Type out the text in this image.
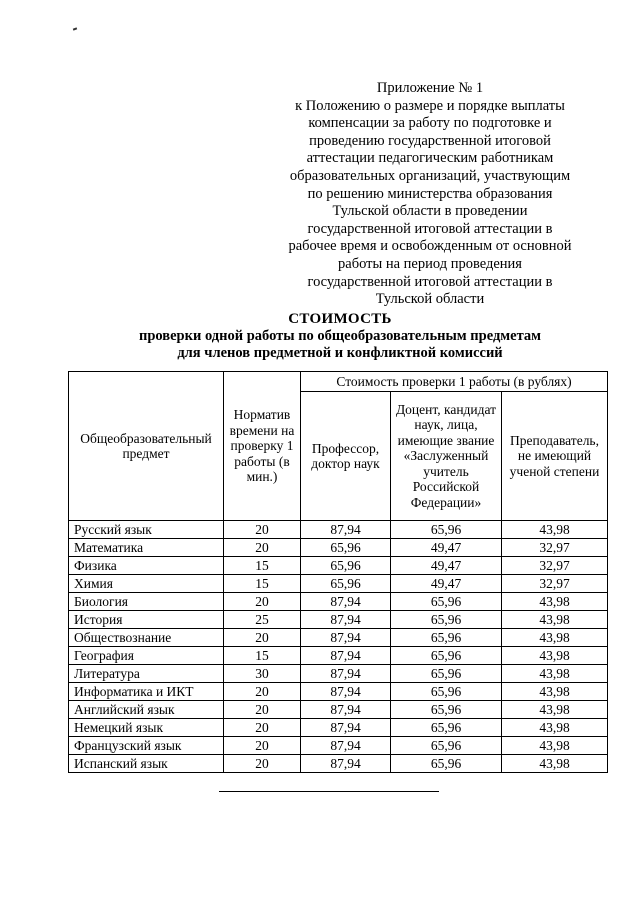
Приложение № 1
к Положению о размере и порядке выплаты
компенсации за работу по подготовке и
проведению государственной итоговой
аттестации педагогическим работникам
образовательных организаций, участвующим
по решению министерства образования
Тульской области в проведении
государственной итоговой аттестации в
рабочее время и освобожденным от основной
работы на период проведения
государственной итоговой аттестации в
Тульской области
СТОИМОСТЬ
проверки одной работы по общеобразовательным предметам
для членов предметной и конфликтной комиссий
Общеобразовательный предмет	Норматив времени на проверку 1 работы (в мин.)	Стоимость проверки 1 работы (в рублях)		

		Профессор, доктор наук	Доцент, кандидат наук, лица, имеющие звание «Заслуженный учитель Российской Федерации»	Преподаватель, не имеющий ученой степени

Русский язык	20	87,94	65,96	43,98
Математика	20	65,96	49,47	32,97
Физика	15	65,96	49,47	32,97
Химия	15	65,96	49,47	32,97
Биология	20	87,94	65,96	43,98
История	25	87,94	65,96	43,98
Обществознание	20	87,94	65,96	43,98
География	15	87,94	65,96	43,98
Литература	30	87,94	65,96	43,98
Информатика и ИКТ	20	87,94	65,96	43,98
Английский язык	20	87,94	65,96	43,98
Немецкий язык	20	87,94	65,96	43,98
Французский язык	20	87,94	65,96	43,98
Испанский язык	20	87,94	65,96	43,98
